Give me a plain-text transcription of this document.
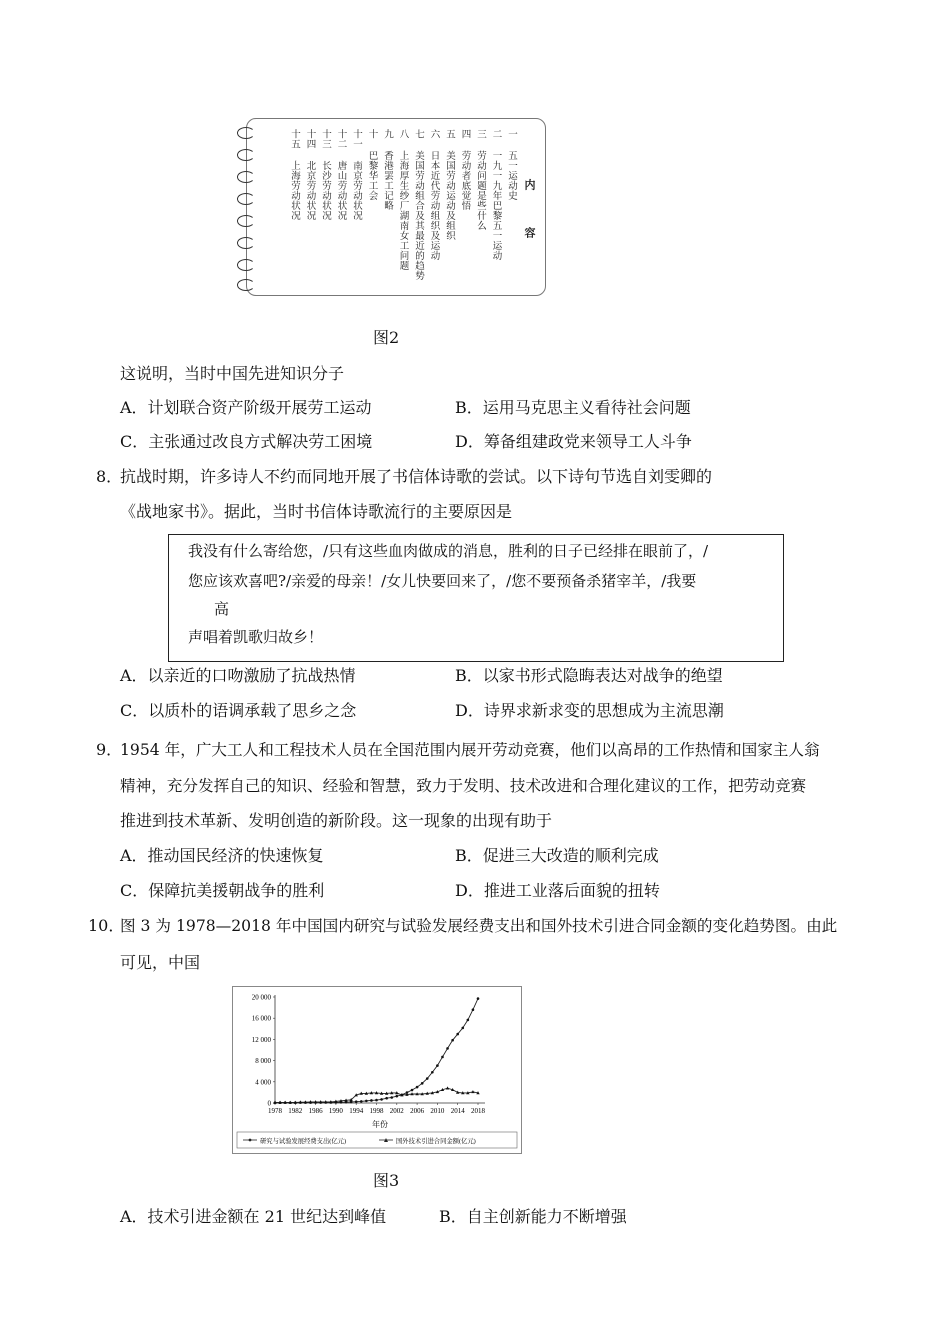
内 容
一 五一运动史
二 一九一九年巴黎五一运动
三 劳动问题是些什么
四 劳动者底觉悟
五 美国劳动运动及组织
六 日本近代劳动组织及运动
七 美国劳动组合及其最近的趋势
八 上海厚生纱厂湖南女工问题
九 香港罢工记略
十 巴黎华工会
十一 南京劳动状况
十二 唐山劳动状况
十三 长沙劳动状况
十四 北京劳动状况
十五 上海劳动状况
图2
这说明，当时中国先进知识分子
A．计划联合资产阶级开展劳工运动	B．运用马克思主义看待社会问题
C．主张通过改良方式解决劳工困境	D．筹备组建政党来领导工人斗争
8．
抗战时期，许多诗人不约而同地开展了书信体诗歌的尝试。以下诗句节选自刘雯卿的
《战地家书》。据此，当时书信体诗歌流行的主要原因是
我没有什么寄给您，/只有这些血肉做成的消息，胜利的日子已经排在眼前了，/
您应该欢喜吧?/亲爱的母亲！/女儿快要回来了，/您不要预备杀猪宰羊，/我要
高
声唱着凯歌归故乡！
A．以亲近的口吻激励了抗战热情	B．以家书形式隐晦表达对战争的绝望
C．以质朴的语调承载了思乡之念	D．诗界求新求变的思想成为主流思潮
9．
1954 年，广大工人和工程技术人员在全国范围内展开劳动竞赛，他们以高昂的工作热情和国家主人翁
精神，充分发挥自己的知识、经验和智慧，致力于发明、技术改进和合理化建议的工作，把劳动竞赛
推进到技术革新、发明创造的新阶段。这一现象的出现有助于
A．推动国民经济的快速恢复	B．促进三大改造的顺利完成
C．保障抗美援朝战争的胜利	D．推进工业落后面貌的扭转
10．
图 3 为 1978—2018 年中国国内研究与试验发展经费支出和国外技术引进合同金额的变化趋势图。由此
可见，中国
0
4 000
8 000
12 000
16 000
20 000
1978 1982 1986 1990 1994 1998 2002 2006 2010 2014 2018
年份
研究与试验发展经费支出(亿元)	国外技术引进合同金额(亿元)
图3
A．技术引进金额在 21 世纪达到峰值	B．自主创新能力不断增强
